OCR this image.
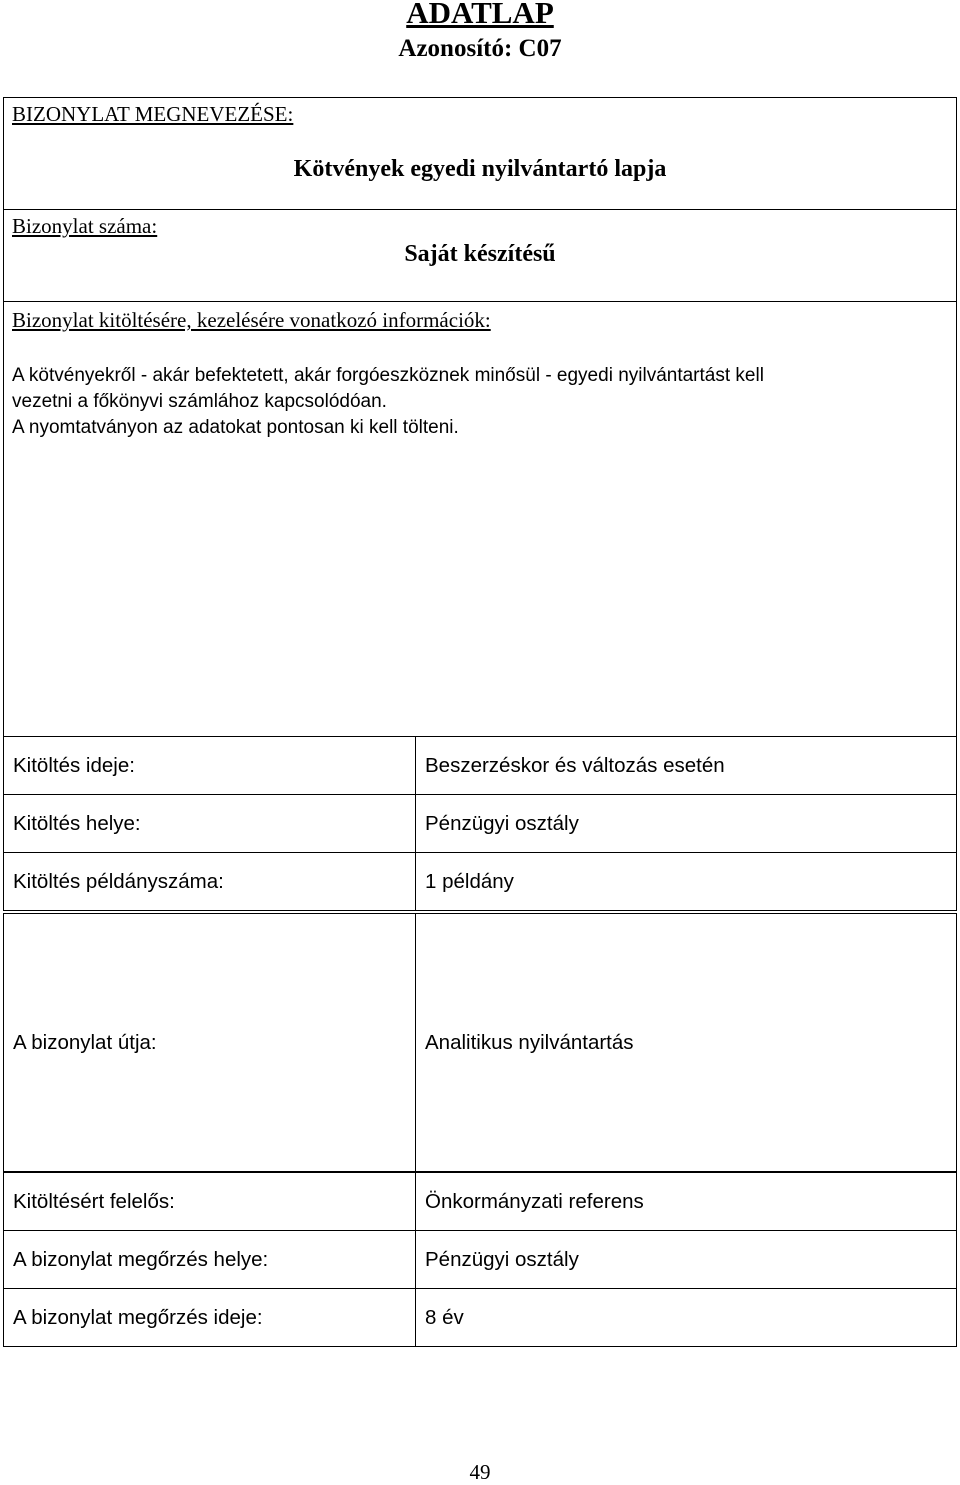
ADATLAP
Azonosító: C07
BIZONYLAT MEGNEVEZÉSE:
Kötvények egyedi nyilvántartó lapja
Bizonylat száma:
Saját készítésű
Bizonylat kitöltésére, kezelésére vonatkozó információk:
A kötvényekről - akár befektetett, akár forgóeszköznek minősül - egyedi nyilvántartást kell
vezetni a főkönyvi számlához kapcsolódóan.
A nyomtatványon az adatokat pontosan ki kell tölteni.
Kitöltés ideje:	Beszerzéskor és változás esetén
Kitöltés helye:	Pénzügyi osztály
Kitöltés példányszáma:	1 példány
A bizonylat útja:	Analitikus nyilvántartás
Kitöltésért felelős:	Önkormányzati referens
A bizonylat megőrzés helye:	Pénzügyi osztály
A bizonylat megőrzés ideje:	8 év
49
